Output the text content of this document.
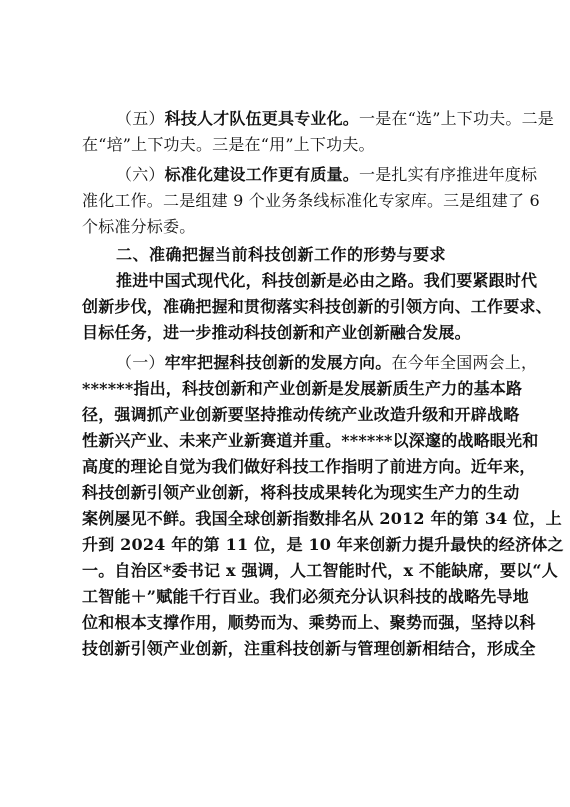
（五）科技人才队伍更具专业化。一是在“选”上下功夫。二是
在“培”上下功夫。三是在“用”上下功夫。
（六）标准化建设工作更有质量。一是扎实有序推进年度标
准化工作。二是组建 9 个业务条线标准化专家库。三是组建了 6
个标准分标委。
二、准确把握当前科技创新工作的形势与要求
推进中国式现代化，科技创新是必由之路。我们要紧跟时代
创新步伐，准确把握和贯彻落实科技创新的引领方向、工作要求、
目标任务，进一步推动科技创新和产业创新融合发展。
（一）牢牢把握科技创新的发展方向。在今年全国两会上，
******指出，科技创新和产业创新是发展新质生产力的基本路
径，强调抓产业创新要坚持推动传统产业改造升级和开辟战略
性新兴产业、未来产业新赛道并重。******以深邃的战略眼光和
高度的理论自觉为我们做好科技工作指明了前进方向。近年来，
科技创新引领产业创新，将科技成果转化为现实生产力的生动
案例屡见不鲜。我国全球创新指数排名从 2012 年的第 34 位，上
升到 2024 年的第 11 位，是 10 年来创新力提升最快的经济体之
一。自治区*委书记 x 强调，人工智能时代，x 不能缺席，要以“人
工智能＋”赋能千行百业。我们必须充分认识科技的战略先导地
位和根本支撑作用，顺势而为、乘势而上、聚势而强，坚持以科
技创新引领产业创新，注重科技创新与管理创新相结合，形成全
